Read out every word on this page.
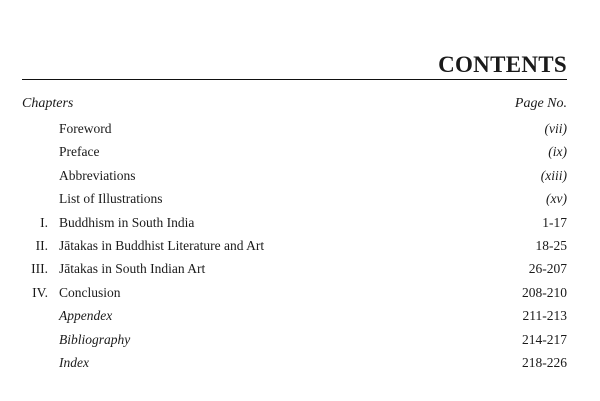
CONTENTS
Chapters	Page No.
Foreword	(vii)
Preface	(ix)
Abbreviations	(xiii)
List of Illustrations	(xv)
I. Buddhism in South India	1-17
II. Jātakas in Buddhist Literature and Art	18-25
III. Jātakas in South Indian Art	26-207
IV. Conclusion	208-210
Appendex	211-213
Bibliography	214-217
Index	218-226
